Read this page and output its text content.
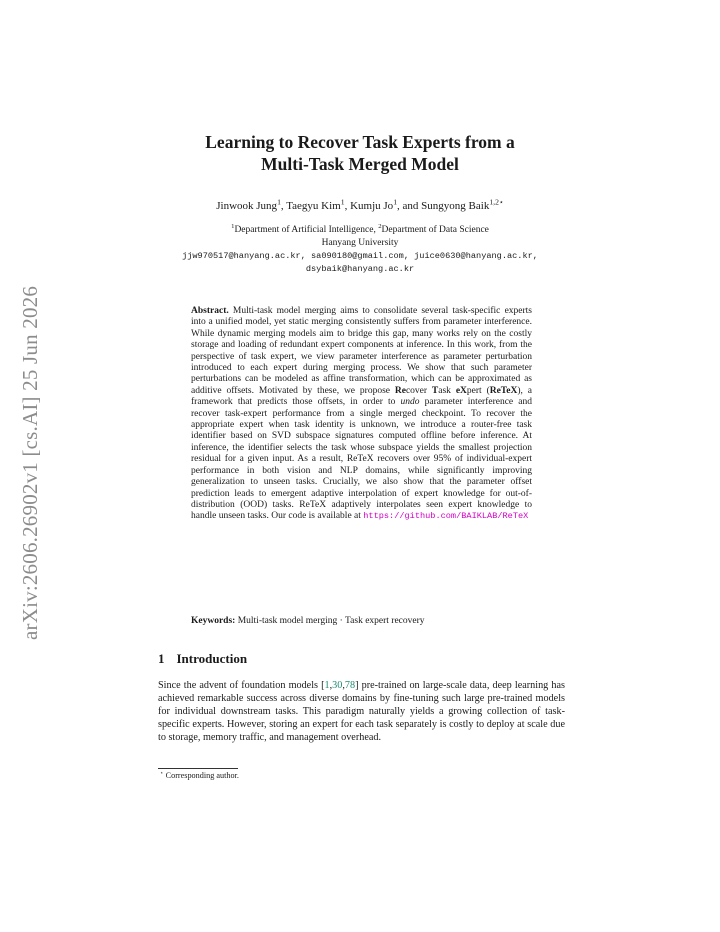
arXiv:2606.26902v1 [cs.AI] 25 Jun 2026
Learning to Recover Task Experts from a
Multi-Task Merged Model
Jinwook Jung$^1$, Taegyu Kim$^1$, Kumju Jo$^1$, and Sungyong Baik$^{1,2⋆}$
$^1$Department of Artificial Intelligence, $^2$Department of Data Science
Hanyang University
jjw970517@hanyang.ac.kr, sa090180@gmail.com, juice0630@hanyang.ac.kr,
dsybaik@hanyang.ac.kr
Abstract. Multi-task model merging aims to consolidate several task-specific experts into a unified model, yet static merging consistently suffers from parameter interference. While dynamic merging models aim to bridge this gap, many works rely on the costly storage and loading of redundant expert components at inference. In this work, from the perspective of task expert, we view parameter interference as parameter perturbation introduced to each expert during merging process. We show that such parameter perturbations can be modeled as affine transformation, which can be approximated as additive offsets. Motivated by these, we propose Recover Task eXpert (ReTeX), a framework that predicts those offsets, in order to undo parameter interference and recover task-expert performance from a single merged checkpoint. To recover the appropriate expert when task identity is unknown, we introduce a router-free task identifier based on SVD subspace signatures computed offline before inference. At inference, the identifier selects the task whose subspace yields the smallest projection residual for a given input. As a result, ReTeX recovers over 95% of individual-expert performance in both vision and NLP domains, while significantly improving generalization to unseen tasks. Crucially, we also show that the parameter offset prediction leads to emergent adaptive interpolation of expert knowledge for out-of-distribution (OOD) tasks. ReTeX adaptively interpolates seen expert knowledge to handle unseen tasks. Our code is available at https://github.com/BAIKLAB/ReTeX
Keywords: Multi-task model merging · Task expert recovery
1 Introduction
Since the advent of foundation models [1,30,78] pre-trained on large-scale data, deep learning has achieved remarkable success across diverse domains by fine-tuning such large pre-trained models for individual downstream tasks. This paradigm naturally yields a growing collection of task-specific experts. However, storing an expert for each task separately is costly to deploy at scale due to storage, memory traffic, and management overhead.
⋆ Corresponding author.
